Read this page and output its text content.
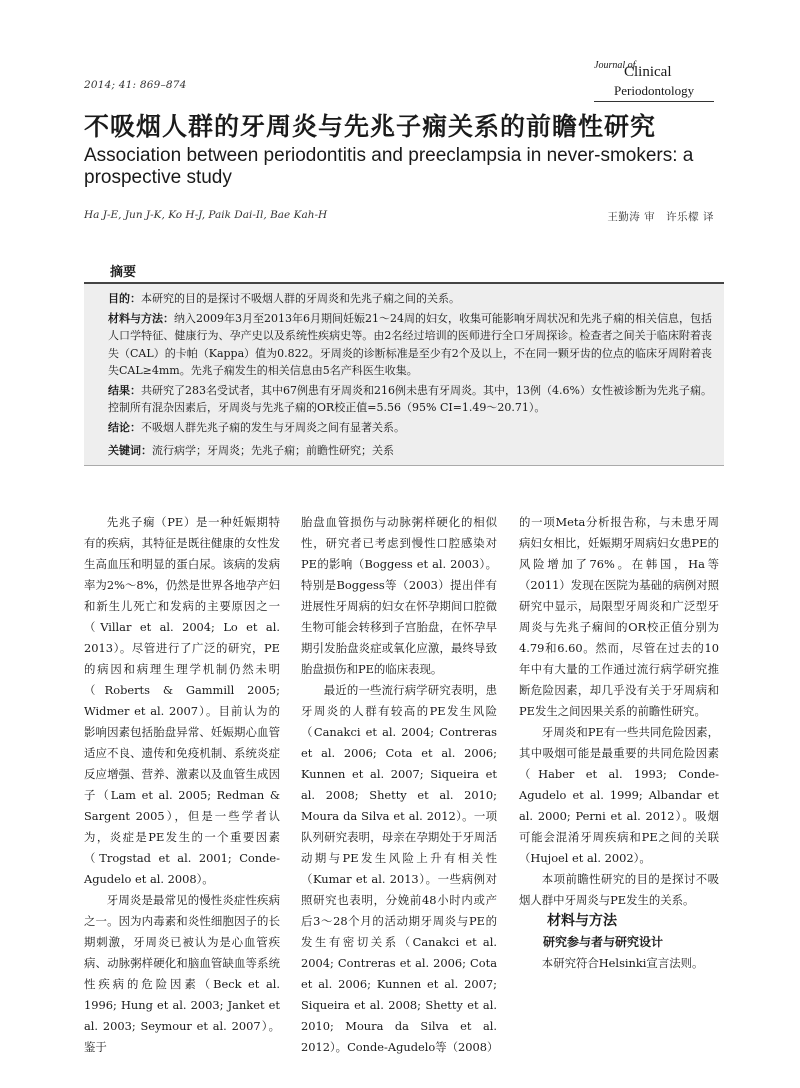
2014; 41: 869–874
Journal of
Clinical
Periodontology
不吸烟人群的牙周炎与先兆子痫关系的前瞻性研究
Association between periodontitis and preeclampsia in never-smokers: a prospective study
Ha J-E, Jun J-K, Ko H-J, Paik Dai-Il, Bae Kah-H	王勤涛 审　许乐檬 译
摘要

目的：本研究的目的是探讨不吸烟人群的牙周炎和先兆子痫之间的关系。

材料与方法：纳入2009年3月至2013年6月期间妊娠21～24周的妇女，收集可能影响牙周状况和先兆子痫的相关信息，包括人口学特征、健康行为、孕产史以及系统性疾病史等。由2名经过培训的医师进行全口牙周探诊。检查者之间关于临床附着丧失（CAL）的卡帕（Kappa）值为0.822。牙周炎的诊断标准是至少有2个及以上，不在同一颗牙齿的位点的临床牙周附着丧失CAL≥4mm。先兆子痫发生的相关信息由5名产科医生收集。

结果：共研究了283名受试者，其中67例患有牙周炎和216例未患有牙周炎。其中，13例（4.6%）女性被诊断为先兆子痫。控制所有混杂因素后，牙周炎与先兆子痫的OR校正值=5.56（95% CI=1.49～20.71）。

结论：不吸烟人群先兆子痫的发生与牙周炎之间有显著关系。

关键词：流行病学；牙周炎；先兆子痫；前瞻性研究；关系

先兆子痫（PE）是一种妊娠期特有的疾病，其特征是既往健康的女性发生高血压和明显的蛋白尿。该病的发病率为2%～8%，仍然是世界各地孕产妇和新生儿死亡和发病的主要原因之一（Villar et al. 2004; Lo et al. 2013）。尽管进行了广泛的研究，PE的病因和病理生理学机制仍然未明（Roberts & Gammill 2005; Widmer et al. 2007）。目前认为的影响因素包括胎盘异常、妊娠期心血管适应不良、遗传和免疫机制、系统炎症反应增强、营养、激素以及血管生成因子（Lam et al. 2005; Redman & Sargent 2005），但是一些学者认为，炎症是PE发生的一个重要因素（Trogstad et al. 2001; Conde-Agudelo et al. 2008）。

牙周炎是最常见的慢性炎症性疾病之一。因为内毒素和炎性细胞因子的长期刺激，牙周炎已被认为是心血管疾病、动脉粥样硬化和脑血管缺血等系统性疾病的危险因素（Beck et al. 1996; Hung et al. 2003; Janket et al. 2003; Seymour et al. 2007）。鉴于

胎盘血管损伤与动脉粥样硬化的相似性，研究者已考虑到慢性口腔感染对PE的影响（Boggess et al. 2003）。特别是Boggess等（2003）提出伴有进展性牙周病的妇女在怀孕期间口腔微生物可能会转移到子宫胎盘，在怀孕早期引发胎盘炎症或氧化应激，最终导致胎盘损伤和PE的临床表现。

最近的一些流行病学研究表明，患牙周炎的人群有较高的PE发生风险（Canakci et al. 2004; Contreras et al. 2006; Cota et al. 2006; Kunnen et al. 2007; Siqueira et al. 2008; Shetty et al. 2010; Moura da Silva et al. 2012）。一项队列研究表明，母亲在孕期处于牙周活动期与PE发生风险上升有相关性（Kumar et al. 2013）。一些病例对照研究也表明，分娩前48小时内或产后3～28个月的活动期牙周炎与PE的发生有密切关系（Canakci et al. 2004; Contreras et al. 2006; Cota et al. 2006; Kunnen et al. 2007; Siqueira et al. 2008; Shetty et al. 2010; Moura da Silva et al. 2012）。Conde-Agudelo等（2008）

的一项Meta分析报告称，与未患牙周病妇女相比，妊娠期牙周病妇女患PE的风险增加了76%。在韩国，Ha等（2011）发现在医院为基础的病例对照研究中显示，局限型牙周炎和广泛型牙周炎与先兆子痫间的OR校正值分别为4.79和6.60。然而，尽管在过去的10年中有大量的工作通过流行病学研究推断危险因素，却几乎没有关于牙周病和PE发生之间因果关系的前瞻性研究。

牙周炎和PE有一些共同危险因素，其中吸烟可能是最重要的共同危险因素（Haber et al. 1993; Conde-Agudelo et al. 1999; Albandar et al. 2000; Perni et al. 2012）。吸烟可能会混淆牙周疾病和PE之间的关联（Hujoel et al. 2002）。

本项前瞻性研究的目的是探讨不吸烟人群中牙周炎与PE发生的关系。

材料与方法

研究参与者与研究设计

本研究符合Helsinki宣言法则。
